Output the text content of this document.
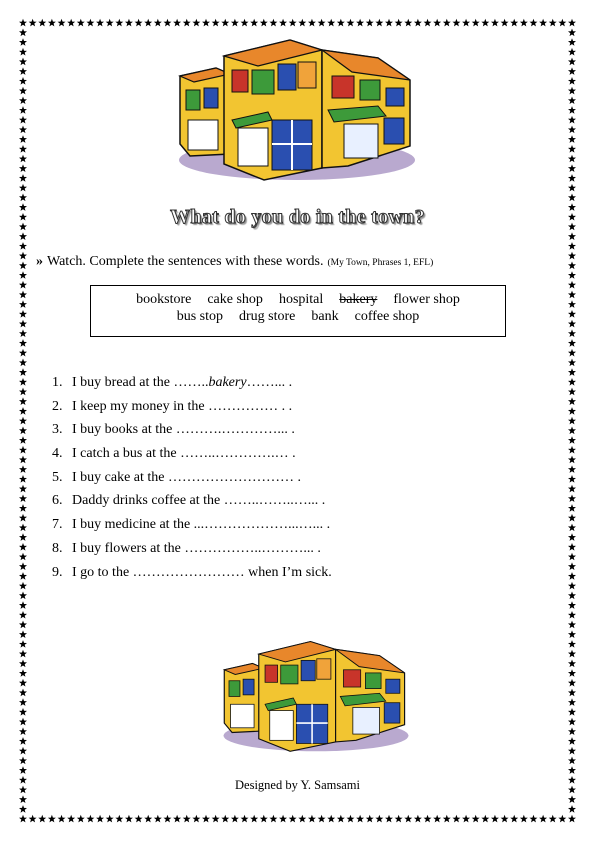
What do you do in the town?
» Watch. Complete the sentences with these words. (My Town, Phrases 1, EFL)
bookstore cake shop hospital bakery flower shop
bus stop drug store bank coffee shop
1. I buy bread at the ……..bakery……... .
2. I keep my money in the …………… . .
3. I buy books at the ……….…………... .
4. I catch a bus at the ……..………….… .
5. I buy cake at the ……………………… .
6. Daddy drinks coffee at the ……..……..…... .
7. I buy medicine at the ...………………...…... .
8. I buy flowers at the ……………..………... .
9. I go to the …………………… when I’m sick.
Designed by Y. Samsami
